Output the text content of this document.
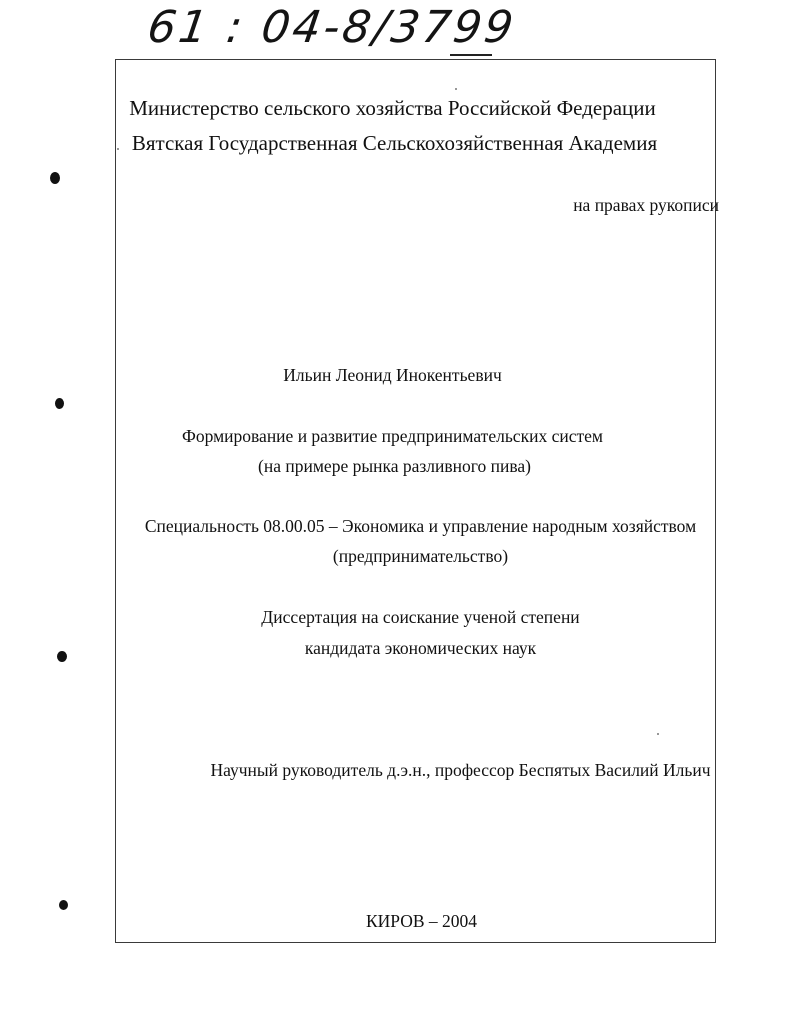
61 : 04-8/3799
Министерство сельского хозяйства Российской Федерации
Вятская Государственная Сельскохозяйственная Академия
на правах рукописи
Ильин Леонид Инокентьевич
Формирование и развитие предпринимательских систем
(на примере рынка разливного пива)
Специальность 08.00.05 – Экономика и управление народным хозяйством
(предпринимательство)
Диссертация на соискание ученой степени
кандидата экономических наук
Научный руководитель д.э.н., профессор Беспятых Василий Ильич
КИРОВ – 2004
